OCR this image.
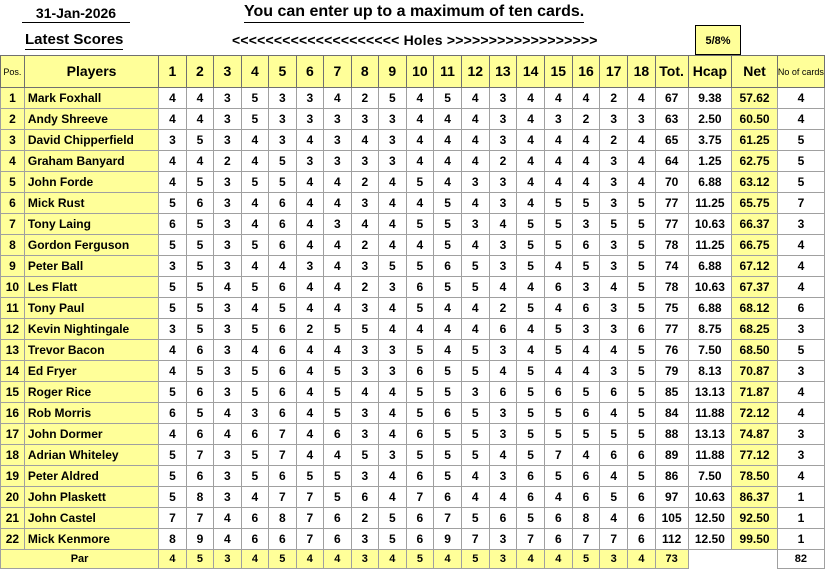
31-Jan-2026
Latest Scores
You can enter up to a maximum of ten cards.
<<<<<<<<<<<<<<<<<<<< Holes >>>>>>>>>>>>>>>>>>	5/8%
Pos.	Players	1	2	3	4	5	6	7	8	9	10	11	12	13	14	15	16	17	18	Tot.	Hcap	Net	No of cards
1	Mark Foxhall	4	4	3	5	3	3	4	2	5	4	5	4	3	4	4	4	2	4	67	9.38	57.62	4
2	Andy Shreeve	4	4	3	5	3	3	3	3	3	4	4	4	3	4	3	2	3	3	63	2.50	60.50	4
3	David Chipperfield	3	5	3	4	3	4	3	4	3	4	4	4	3	4	4	4	2	4	65	3.75	61.25	5
4	Graham Banyard	4	4	2	4	5	3	3	3	3	4	4	4	2	4	4	4	3	4	64	1.25	62.75	5
5	John Forde	4	5	3	5	5	4	4	2	4	5	4	3	3	4	4	4	3	4	70	6.88	63.12	5
6	Mick Rust	5	6	3	4	6	4	4	3	4	4	5	4	3	4	5	5	3	5	77	11.25	65.75	7
7	Tony Laing	6	5	3	4	6	4	3	4	4	5	5	3	4	5	5	3	5	5	77	10.63	66.37	3
8	Gordon Ferguson	5	5	3	5	6	4	4	2	4	4	5	4	3	5	5	6	3	5	78	11.25	66.75	4
9	Peter Ball	3	5	3	4	4	3	4	3	5	5	6	5	3	5	4	5	3	5	74	6.88	67.12	4
10	Les Flatt	5	5	4	5	6	4	4	2	3	6	5	5	4	4	6	3	4	5	78	10.63	67.37	4
11	Tony Paul	5	5	3	4	5	4	4	3	4	5	4	4	2	5	4	6	3	5	75	6.88	68.12	6
12	Kevin Nightingale	3	5	3	5	6	2	5	5	4	4	4	4	6	4	5	3	3	6	77	8.75	68.25	3
13	Trevor Bacon	4	6	3	4	6	4	4	3	3	5	4	5	3	4	5	4	4	5	76	7.50	68.50	5
14	Ed Fryer	4	5	3	5	6	4	5	3	3	6	5	5	4	5	4	4	3	5	79	8.13	70.87	3
15	Roger Rice	5	6	3	5	6	4	5	4	4	5	5	3	6	5	6	5	6	5	85	13.13	71.87	4
16	Rob Morris	6	5	4	3	6	4	5	3	4	5	6	5	3	5	5	6	4	5	84	11.88	72.12	4
17	John Dormer	4	6	4	6	7	4	6	3	4	6	5	5	3	5	5	5	5	5	88	13.13	74.87	3
18	Adrian Whiteley	5	7	3	5	7	4	4	5	3	5	5	5	4	5	7	4	6	6	89	11.88	77.12	3
19	Peter Aldred	5	6	3	5	6	5	5	3	4	6	5	4	3	6	5	6	4	5	86	7.50	78.50	4
20	John Plaskett	5	8	3	4	7	7	5	6	4	7	6	4	4	6	4	6	5	6	97	10.63	86.37	1
21	John Castel	7	7	4	6	8	7	6	2	5	6	7	5	6	5	6	8	4	6	105	12.50	92.50	1
22	Mick Kenmore	8	9	4	6	6	7	6	3	5	6	9	7	3	7	6	7	7	6	112	12.50	99.50	1
Par		4	5	3	4	5	4	4	3	4	5	4	5	3	4	4	5	3	4	73			82
